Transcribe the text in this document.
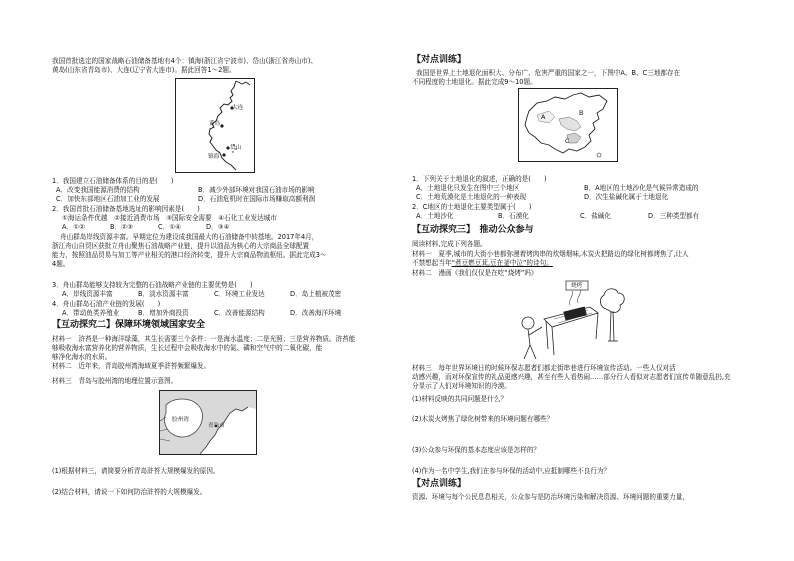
我国首批选定的国家战略石油储备基地有4个：镇海(浙江省宁波市)、岱山(浙江省舟山市)、
黄岛(山东省青岛市)、大连(辽宁省大连市)。据此回答1～2题。
大连
黄岛
岱山
镇海
1．我国建立石油储备体系的目的是(　　)
A．改变我国能源消费的结构	B．减少外部环境对我国石油市场的影响
C．加快东部地区石油加工业的发展	D．石油危机时在国际市场赚取高额利润
2．我国首批石油储备基地选址的影响因素是(　　)
①海运条件优越　②接近消费市场　③国际安全需要　④石化工业发达城市
A．①②	B．②③	C．①④	D．③④
舟山群岛岸线资源丰富。早期定位为建设成我国最大的石油储备中转基地。2017年4月，
浙江舟山自贸区获批立舟山聚焦石油战略产业链，提升以油品为核心的大宗商品全球配置
能力，按照油品贸易与加工等产业相关的港口经济转变，提升大宗商品物流枢纽。据此完成3～
4题。
3．舟山群岛能够支持较为完整的石油战略产业链的主要优势是(　　)
A．岸线资源丰富	B．淡水资源丰富	C．环境工业发达	D．岛上植被茂密
4．舟山群岛石油产业链的发展(　　)
A．带动鱼类养殖业	B．增加外商投资	C．改善能源结构	D．改善海洋环境
【互动探究二】保障环境领域国家安全
材料一　浒苔是一种海洋绿藻，其生长需要三个条件：一是海水温度；二是光照；三是营养物质。浒苔能
够吸收海水富营养化的营养物质，生长过程中会吸收海水中的氮、磷和空气中的二氧化碳，能
够净化海水的水质。
材料二　近年来，青岛胶州湾海域夏季浒苔频繁爆发。
材料三　青岛与胶州湾的地理位置示意图。
胶州湾
青岛市
(1)根据材料三，请简要分析青岛浒苔大规模爆发的原因。
(2)结合材料，请说一下如何防治浒苔的大规模爆发。
【对点训练】
我国是世界上土地退化面积大、分布广、危害严重的国家之一，下图中A、B、C三地都存在
不同程度的土地退化。据此完成9～10题。
A	B
C
1．下列关于土地退化的叙述，正确的是(　　)
A．土地退化只发生在图中三个地区	B．A地区的土地沙化是气候异常造成的
C．土地荒漠化是土地退化的一种表现	D．次生盐碱化属于土地退化
2．C地区的土地退化主要类型属于(　　)
A．土地沙化	B．石漠化	C．盐碱化	D．三种类型都有
【互动探究三】　 推动公众参与
阅读材料,完成下列各题。
材料一　夏季,城市的大街小巷都弥漫着烤肉串的炊烟烟味,木炭火把路边的绿化树都烤焦了,让人
不禁想起当年“煮豆燃豆萁,豆在釜中泣”的诗句。
材料二　漫画《我们仅仅是在吃“烧烤”吗》
烧烤
材料三　每年世界环境日的时候环保志愿者们都走街串巷进行环境宣传活动。一些人仅对活
动感兴趣，而对环保宣传的礼品更感兴趣，甚至有些人看热闹……部分行人看似对志愿者们宣传单随意乱扔,充
分显示了人们对环境知识的冷漠。
(1)材料反映的共同问题是什么？
(2)木炭火烤焦了绿化树带来的环境问题有哪些？
(3)公众参与环保的基本态度应该是怎样的？
(4)作为一名中学生,我们在参与环保的活动中,应抵制哪些不良行为？
【对点训练】
资源、环境与每个公民息息相关，公众参与是防治环境污染和解决资源、环境问题的重要力量，
